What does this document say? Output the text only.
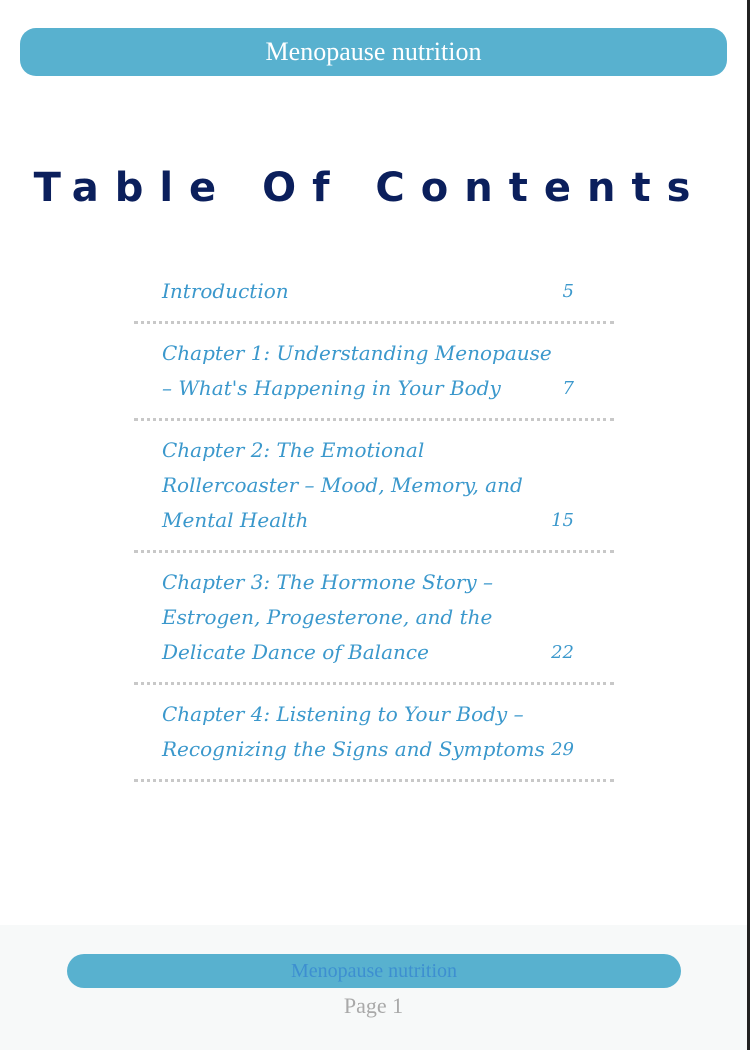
Menopause nutrition
Table Of Contents
Introduction	5
Chapter 1: Understanding Menopause – What's Happening in Your Body	7
Chapter 2: The Emotional Rollercoaster – Mood, Memory, and Mental Health	15
Chapter 3: The Hormone Story – Estrogen, Progesterone, and the Delicate Dance of Balance	22
Chapter 4: Listening to Your Body – Recognizing the Signs and Symptoms 29
Menopause nutrition
Page 1
